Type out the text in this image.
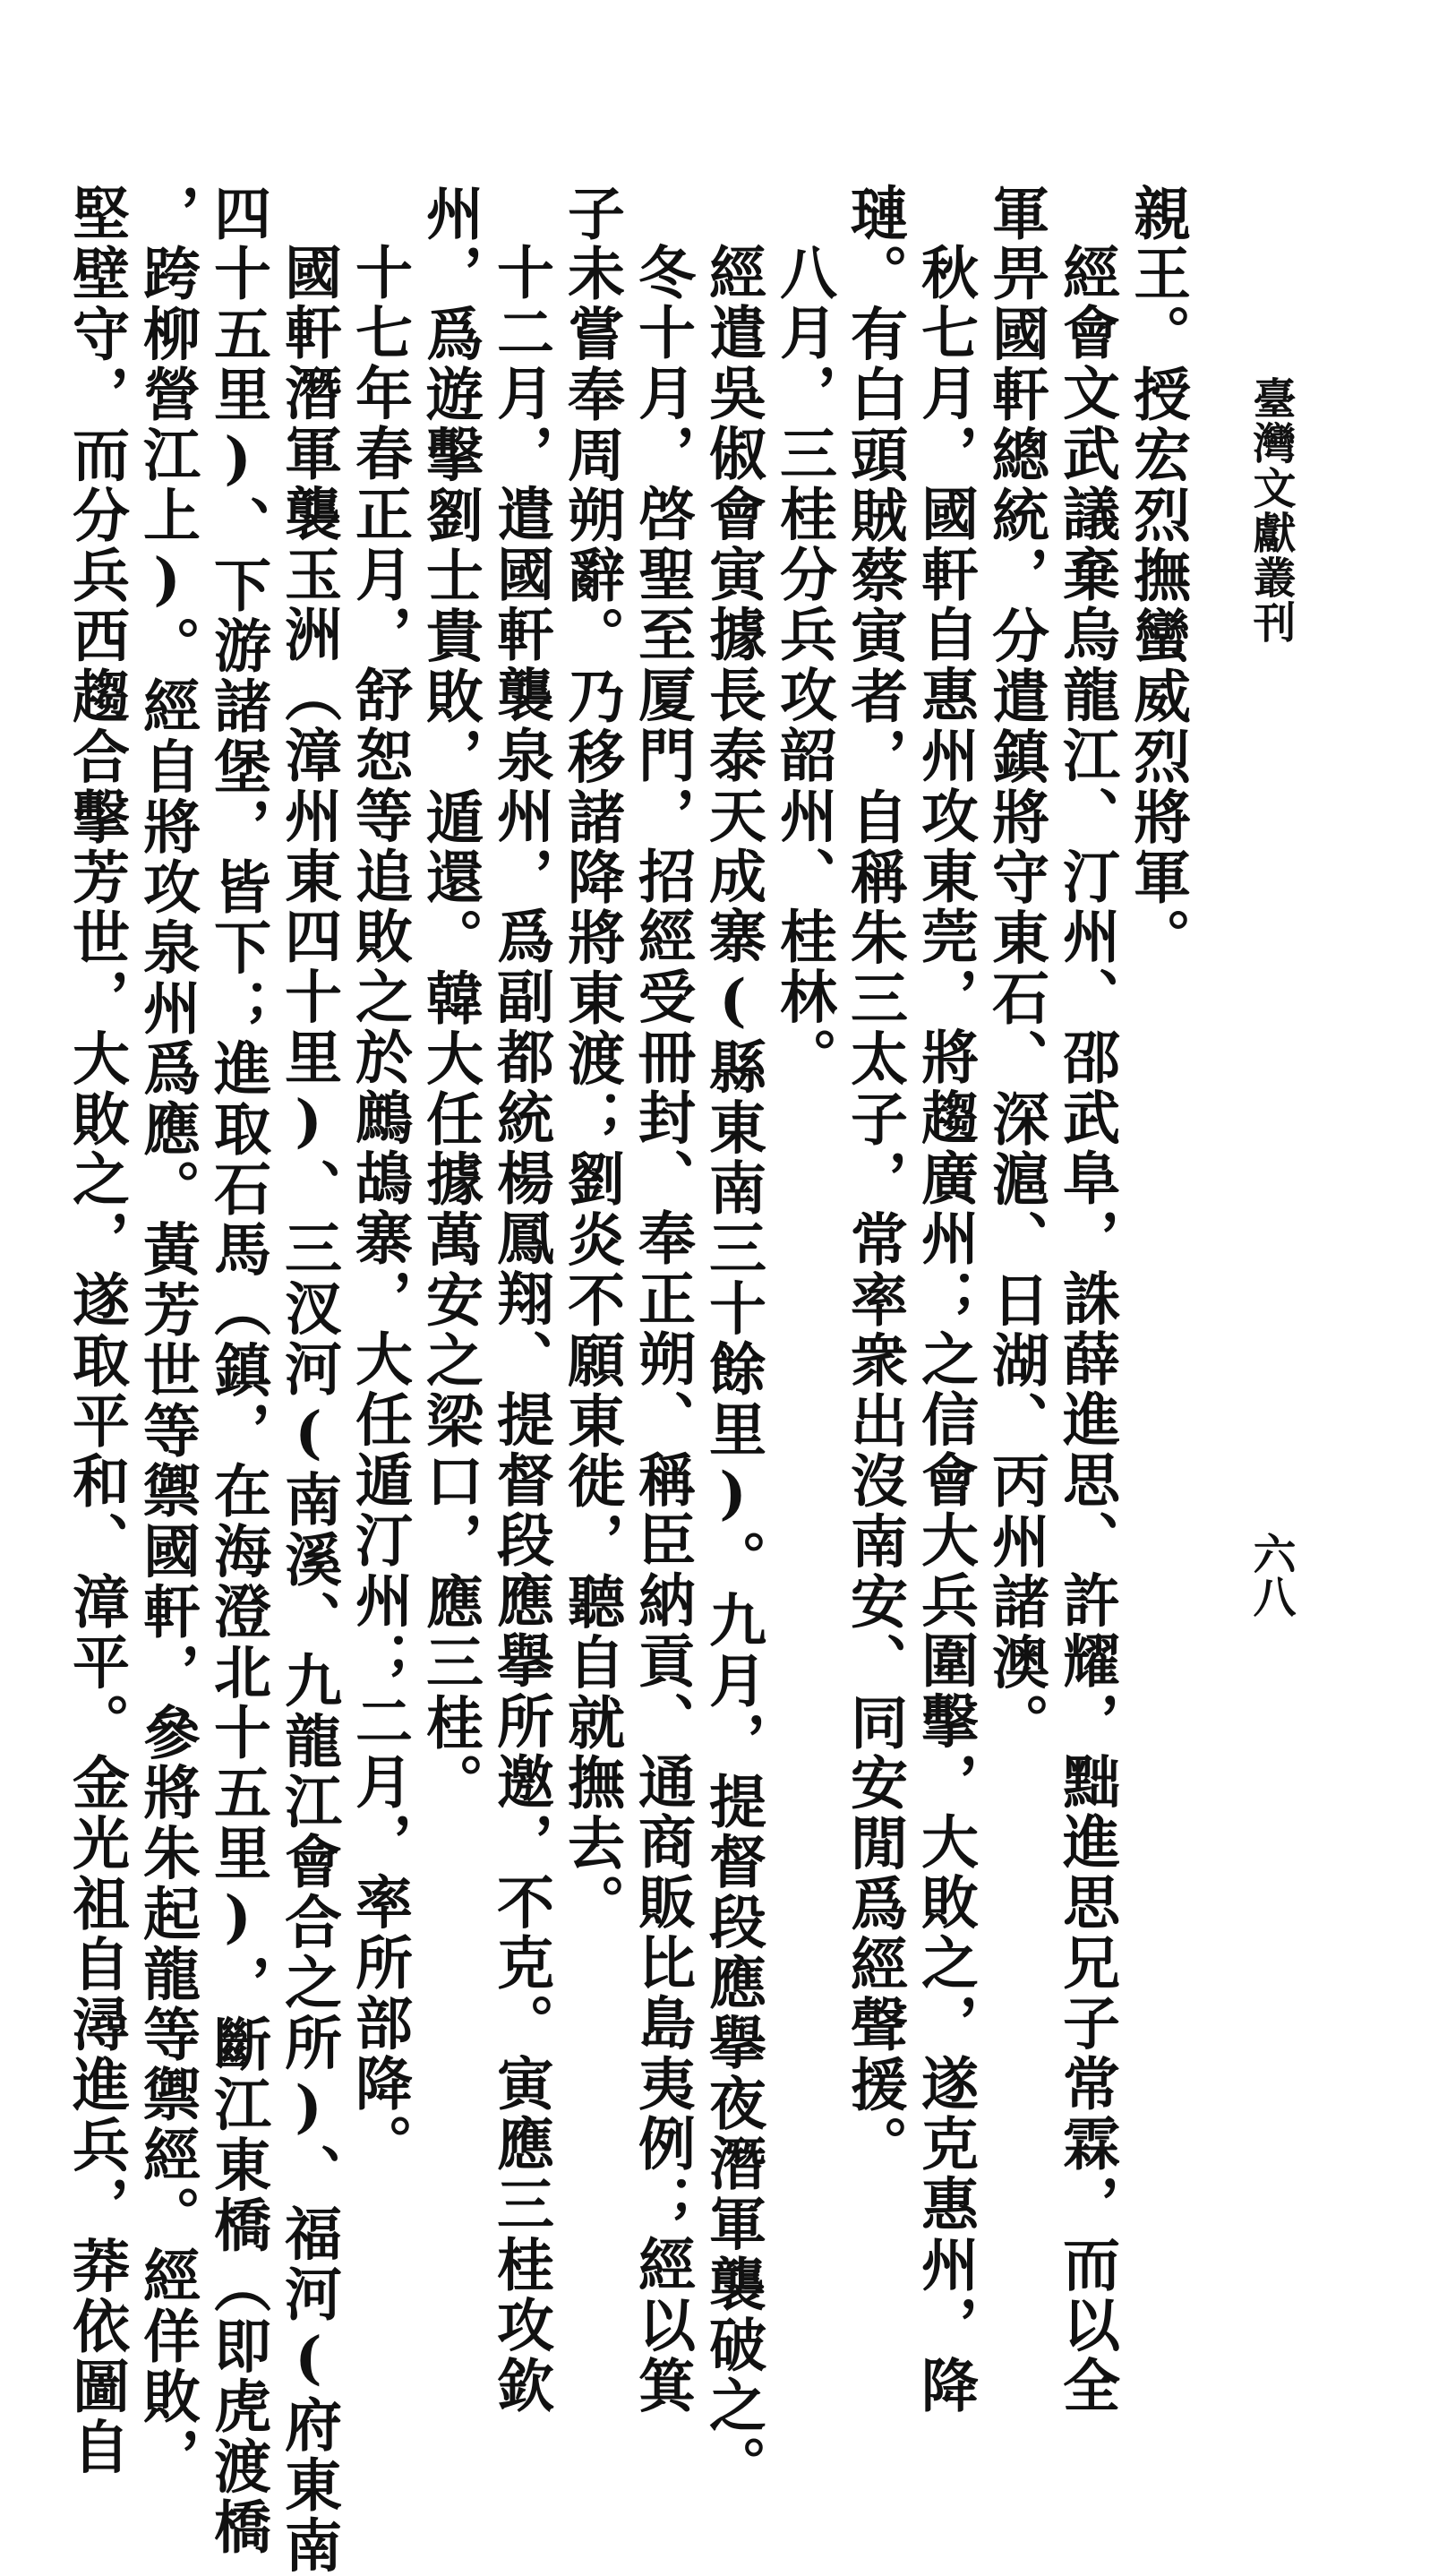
臺灣文獻叢刊
六八

親王。授宏烈撫蠻威烈將軍。

經會文武議棄烏龍江、汀州、邵武阜，誅薛進思、許耀，黜進思兄子常霖，而以全

軍畀國軒總統，分遣鎮將守東石、深滬、日湖、丙州諸澳。

秋七月，國軒自惠州攻東莞，將趨廣州；之信會大兵圍擊，大敗之，遂克惠州，降

璉。有白頭賊蔡寅者，自稱朱三太子，常率衆出沒南安、同安閒爲經聲援。

八月，三桂分兵攻韶州、桂林。

經遣吳俶會寅據長泰天成寨(縣東南三十餘里)。九月，提督段應擧夜潛軍襲破之。

冬十月，啓聖至厦門，招經受冊封、奉正朔、稱臣納貢、通商販比島夷例；經以箕

子未嘗奉周朔辭。乃移諸降將東渡；劉炎不願東徙，聽自就撫去。

十二月，遣國軒襲泉州，爲副都統楊鳳翔、提督段應擧所邀，不克。寅應三桂攻欽

州，爲遊擊劉士貴敗，遁還。韓大任據萬安之梁口，應三桂。

十七年春正月，舒恕等追敗之於鷓鴣寨，大任遁汀州；二月，率所部降。

國軒潛軍襲玉洲（漳州東四十里)、三汊河(南溪、九龍江會合之所)、福河(府東南

四十五里)、下游諸堡，皆下；進取石馬（鎮，在海澄北十五里)，斷江東橋（即虎渡橋

，跨柳營江上)。經自將攻泉州爲應。黃芳世等禦國軒，參將朱起龍等禦經。經佯敗，

堅壁守，而分兵西趨合擊芳世，大敗之，遂取平和、漳平。金光祖自潯進兵，莽依圖自
